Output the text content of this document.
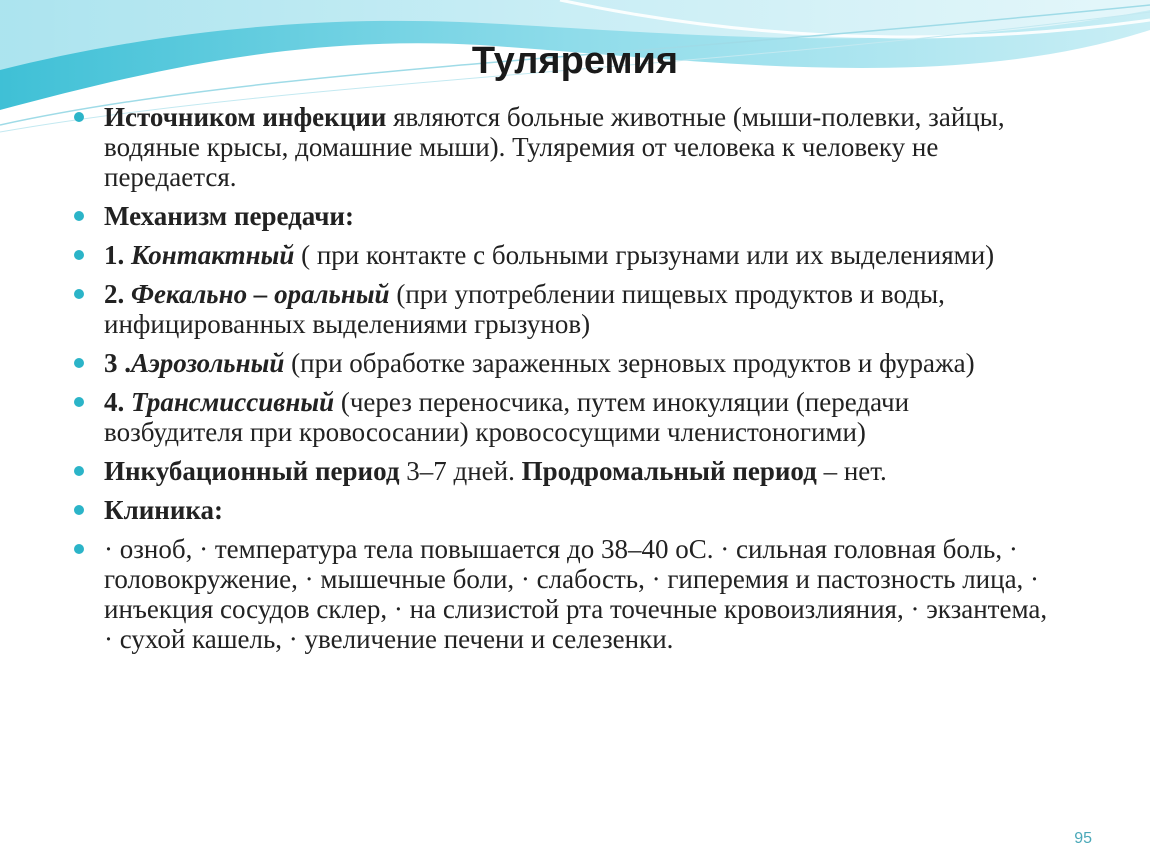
Туляремия
Источником инфекции являются больные животные (мыши-полевки, зайцы, водяные крысы, домашние мыши). Туляремия от человека к человеку не передается.
Механизм передачи:
1. Контактный ( при контакте с больными грызунами или их выделениями)
2. Фекально – оральный (при употреблении пищевых продуктов и воды, инфицированных выделениями грызунов)
3 .Аэрозольный (при обработке зараженных зерновых продуктов и фуража)
4. Трансмиссивный (через переносчика, путем инокуляции (передачи возбудителя при кровососании) кровососущими членистоногими)
Инкубационный период 3–7 дней. Продромальный период – нет.
Клиника:
· озноб, · температура тела повышается до 38–40 оС. · сильная головная боль, · головокружение, · мышечные боли, · слабость, · гиперемия и пастозность лица, · инъекция сосудов склер, · на слизистой рта точечные кровоизлияния, · экзантема, · сухой кашель, · увеличение печени и селезенки.
95
